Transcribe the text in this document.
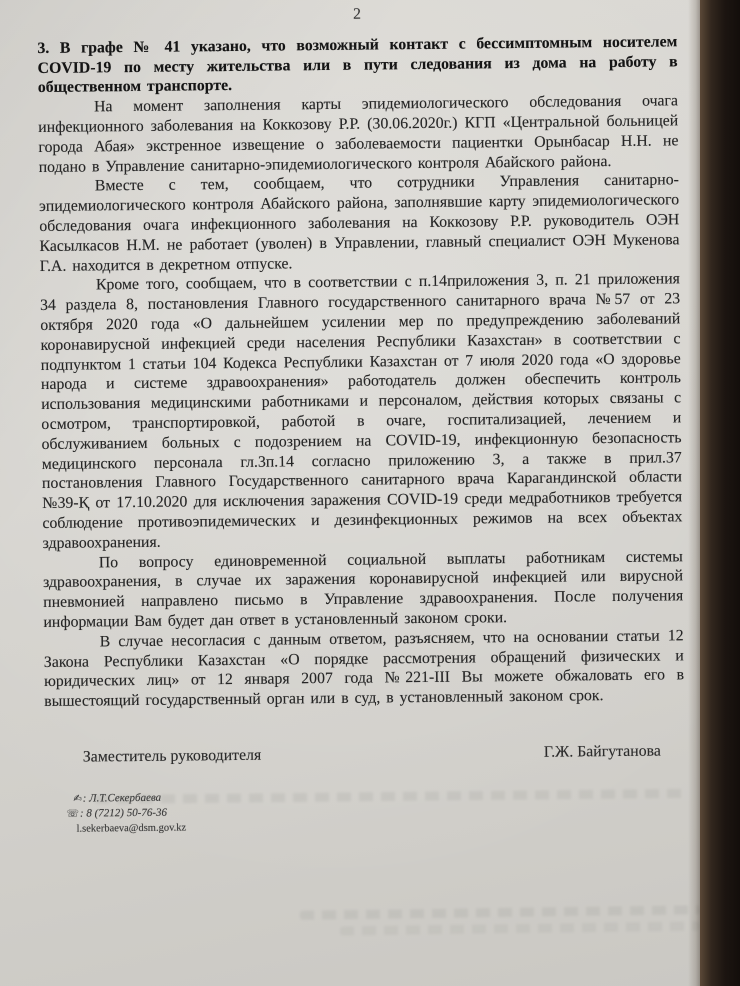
2
3. В графе № 41 указано, что возможный контакт с бессимптомным носителем COVID-19 по месту жительства или в пути следования из дома на работу в общественном транспорте.

На момент заполнения карты эпидемиологического обследования очага инфекционного заболевания на Коккозову Р.Р. (30.06.2020г.) КГП «Центральной больницей города Абая» экстренное извещение о заболеваемости пациентки Орынбасар Н.Н. не подано в Управление санитарно-эпидемиологического контроля Абайского района.

Вместе с тем, сообщаем, что сотрудники Управления санитарно-эпидемиологического контроля Абайского района, заполнявшие карту эпидемиологического обследования очага инфекционного заболевания на Коккозову Р.Р. руководитель ОЭН Касылкасов Н.М. не работает (уволен) в Управлении, главный специалист ОЭН Мукенова Г.А. находится в декретном отпуске.

Кроме того, сообщаем, что в соответствии с п.14приложения 3, п. 21 приложения 34 раздела 8, постановления Главного государственного санитарного врача №57 от 23 октября 2020 года «О дальнейшем усилении мер по предупреждению заболеваний коронавирусной инфекцией среди населения Республики Казахстан» в соответствии с подпунктом 1 статьи 104 Кодекса Республики Казахстан от 7 июля 2020 года «О здоровье народа и системе здравоохранения» работодатель должен обеспечить контроль использования медицинскими работниками и персоналом, действия которых связаны с осмотром, транспортировкой, работой в очаге, госпитализацией, лечением и обслуживанием больных с подозрением на COVID-19, инфекционную безопасность медицинского персонала гл.3п.14 согласно приложению 3, а также в прил.37 постановления Главного Государственного санитарного врача Карагандинской области №39-Қ от 17.10.2020 для исключения заражения COVID-19 среди медработников требуется соблюдение противоэпидемических и дезинфекционных режимов на всех объектах здравоохранения.

По вопросу единовременной социальной выплаты работникам системы здравоохранения, в случае их заражения коронавирусной инфекцией или вирусной пневмонией направлено письмо в Управление здравоохранения. После получения информации Вам будет дан ответ в установленный законом сроки.

В случае несогласия с данным ответом, разъясняем, что на основании статьи 12 Закона Республики Казахстан «О порядке рассмотрения обращений физических и юридических лиц» от 12 января 2007 года №221-III Вы можете обжаловать его в вышестоящий государственный орган или в суд, в установленный законом срок.

Заместитель руководителя	Г.Ж. Байгутанова
✍: Л.Т.Секербаева
☏: 8 (7212) 50-76-36
l.sekerbaeva@dsm.gov.kz
